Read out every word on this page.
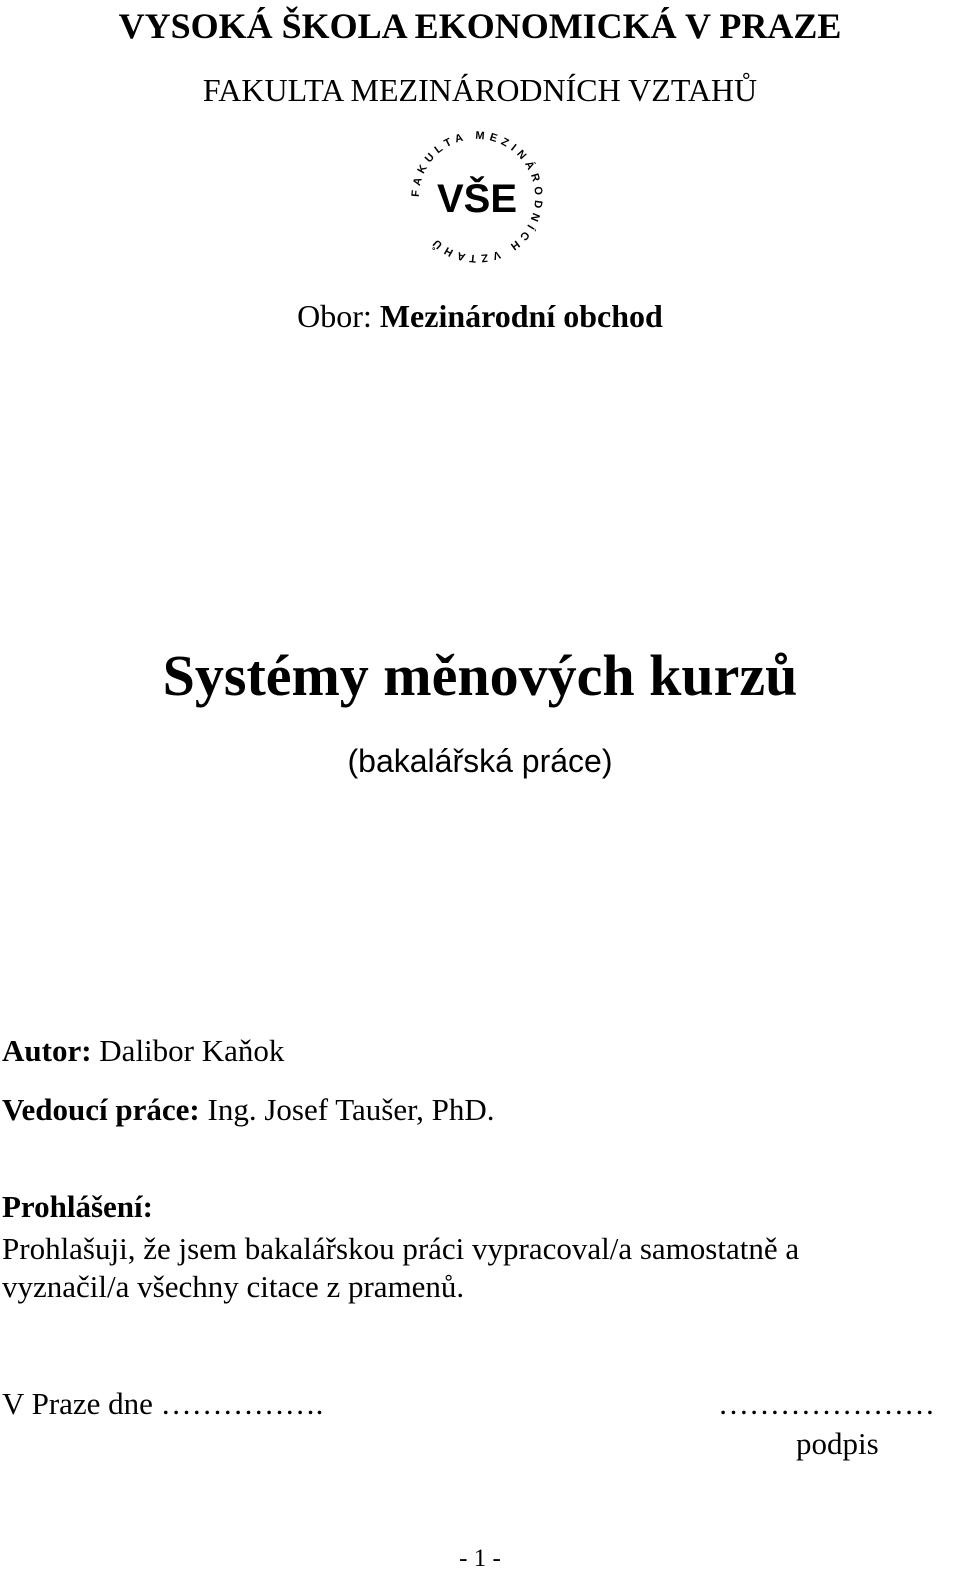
VYSOKÁ ŠKOLA EKONOMICKÁ V PRAZE
FAKULTA MEZINÁRODNÍCH VZTAHŮ
FAKULTA MEZINÁRODNÍCH VZTAHŮ
VŠE
Obor: Mezinárodní obchod
Systémy měnových kurzů
(bakalářská práce)
Autor: Dalibor Kaňok
Vedoucí práce: Ing. Josef Taušer, PhD.
Prohlášení:
Prohlašuji, že jsem bakalářskou práci vypracoval/a samostatně a
vyznačil/a všechny citace z pramenů.
V Praze dne …………….	…………………
podpis
- 1 -
